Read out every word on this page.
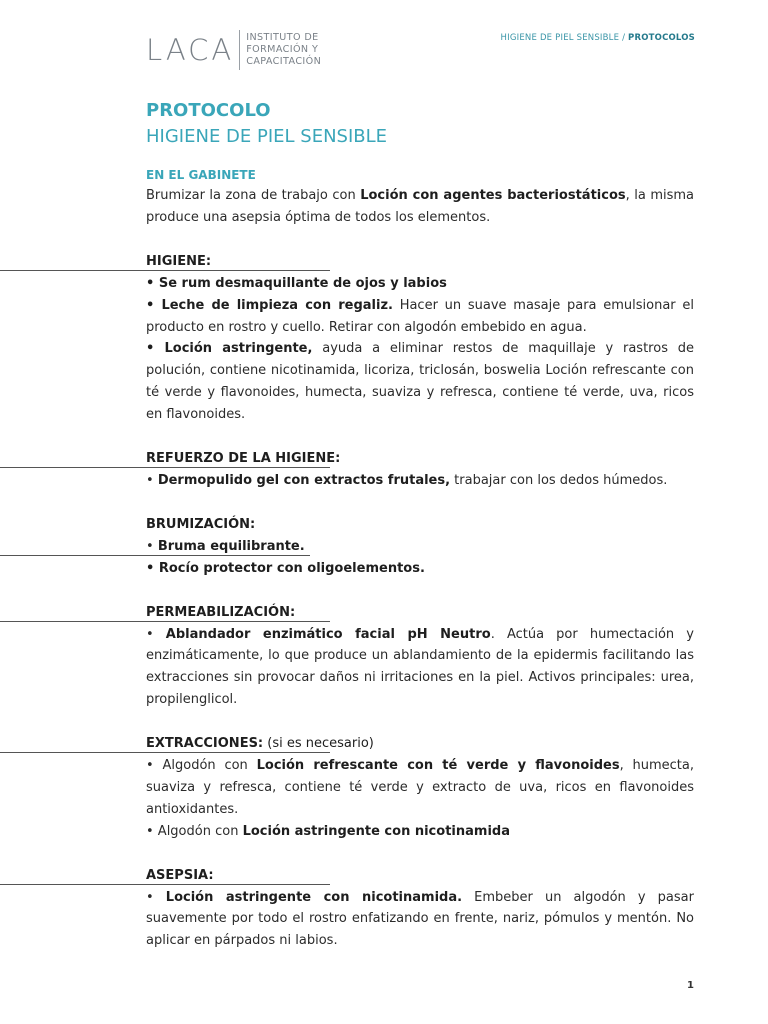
LACA INSTITUTO DE
FORMACIÓN Y
CAPACITACIÓN
HIGIENE DE PIEL SENSIBLE / PROTOCOLOS
PROTOCOLO
HIGIENE DE PIEL SENSIBLE
EN EL GABINETE

Brumizar la zona de trabajo con Loción con agentes bacteriostáticos, la misma produce una asepsia óptima de todos los elementos.

HIGIENE:

• Se rum desmaquillante de ojos y labios

• Leche de limpieza con regaliz. Hacer un suave masaje para emulsionar el producto en rostro y cuello. Retirar con algodón embebido en agua.

• Loción astringente, ayuda a eliminar restos de maquillaje y rastros de polución, contiene nicotinamida, licoriza, triclosán, boswelia Loción refrescante con té verde y flavonoides, humecta, suaviza y refresca, contiene té verde, uva, ricos en flavonoides.

REFUERZO DE LA HIGIENE:

• Dermopulido gel con extractos frutales, trabajar con los dedos húmedos.

BRUMIZACIÓN:

• Bruma equilibrante.

• Rocío protector con oligoelementos.

PERMEABILIZACIÓN:

• Ablandador enzimático facial pH Neutro. Actúa por humectación y enzimáticamente, lo que produce un ablandamiento de la epidermis facilitando las extracciones sin provocar daños ni irritaciones en la piel. Activos principales: urea, propilenglicol.

EXTRACCIONES: (si es necesario)

• Algodón con Loción refrescante con té verde y flavonoides, humecta, suaviza y refresca, contiene té verde y extracto de uva, ricos en flavonoides antioxidantes.

• Algodón con Loción astringente con nicotinamida

ASEPSIA:

• Loción astringente con nicotinamida. Embeber un algodón y pasar suavemente por todo el rostro enfatizando en frente, nariz, pómulos y mentón. No aplicar en párpados ni labios.

1
